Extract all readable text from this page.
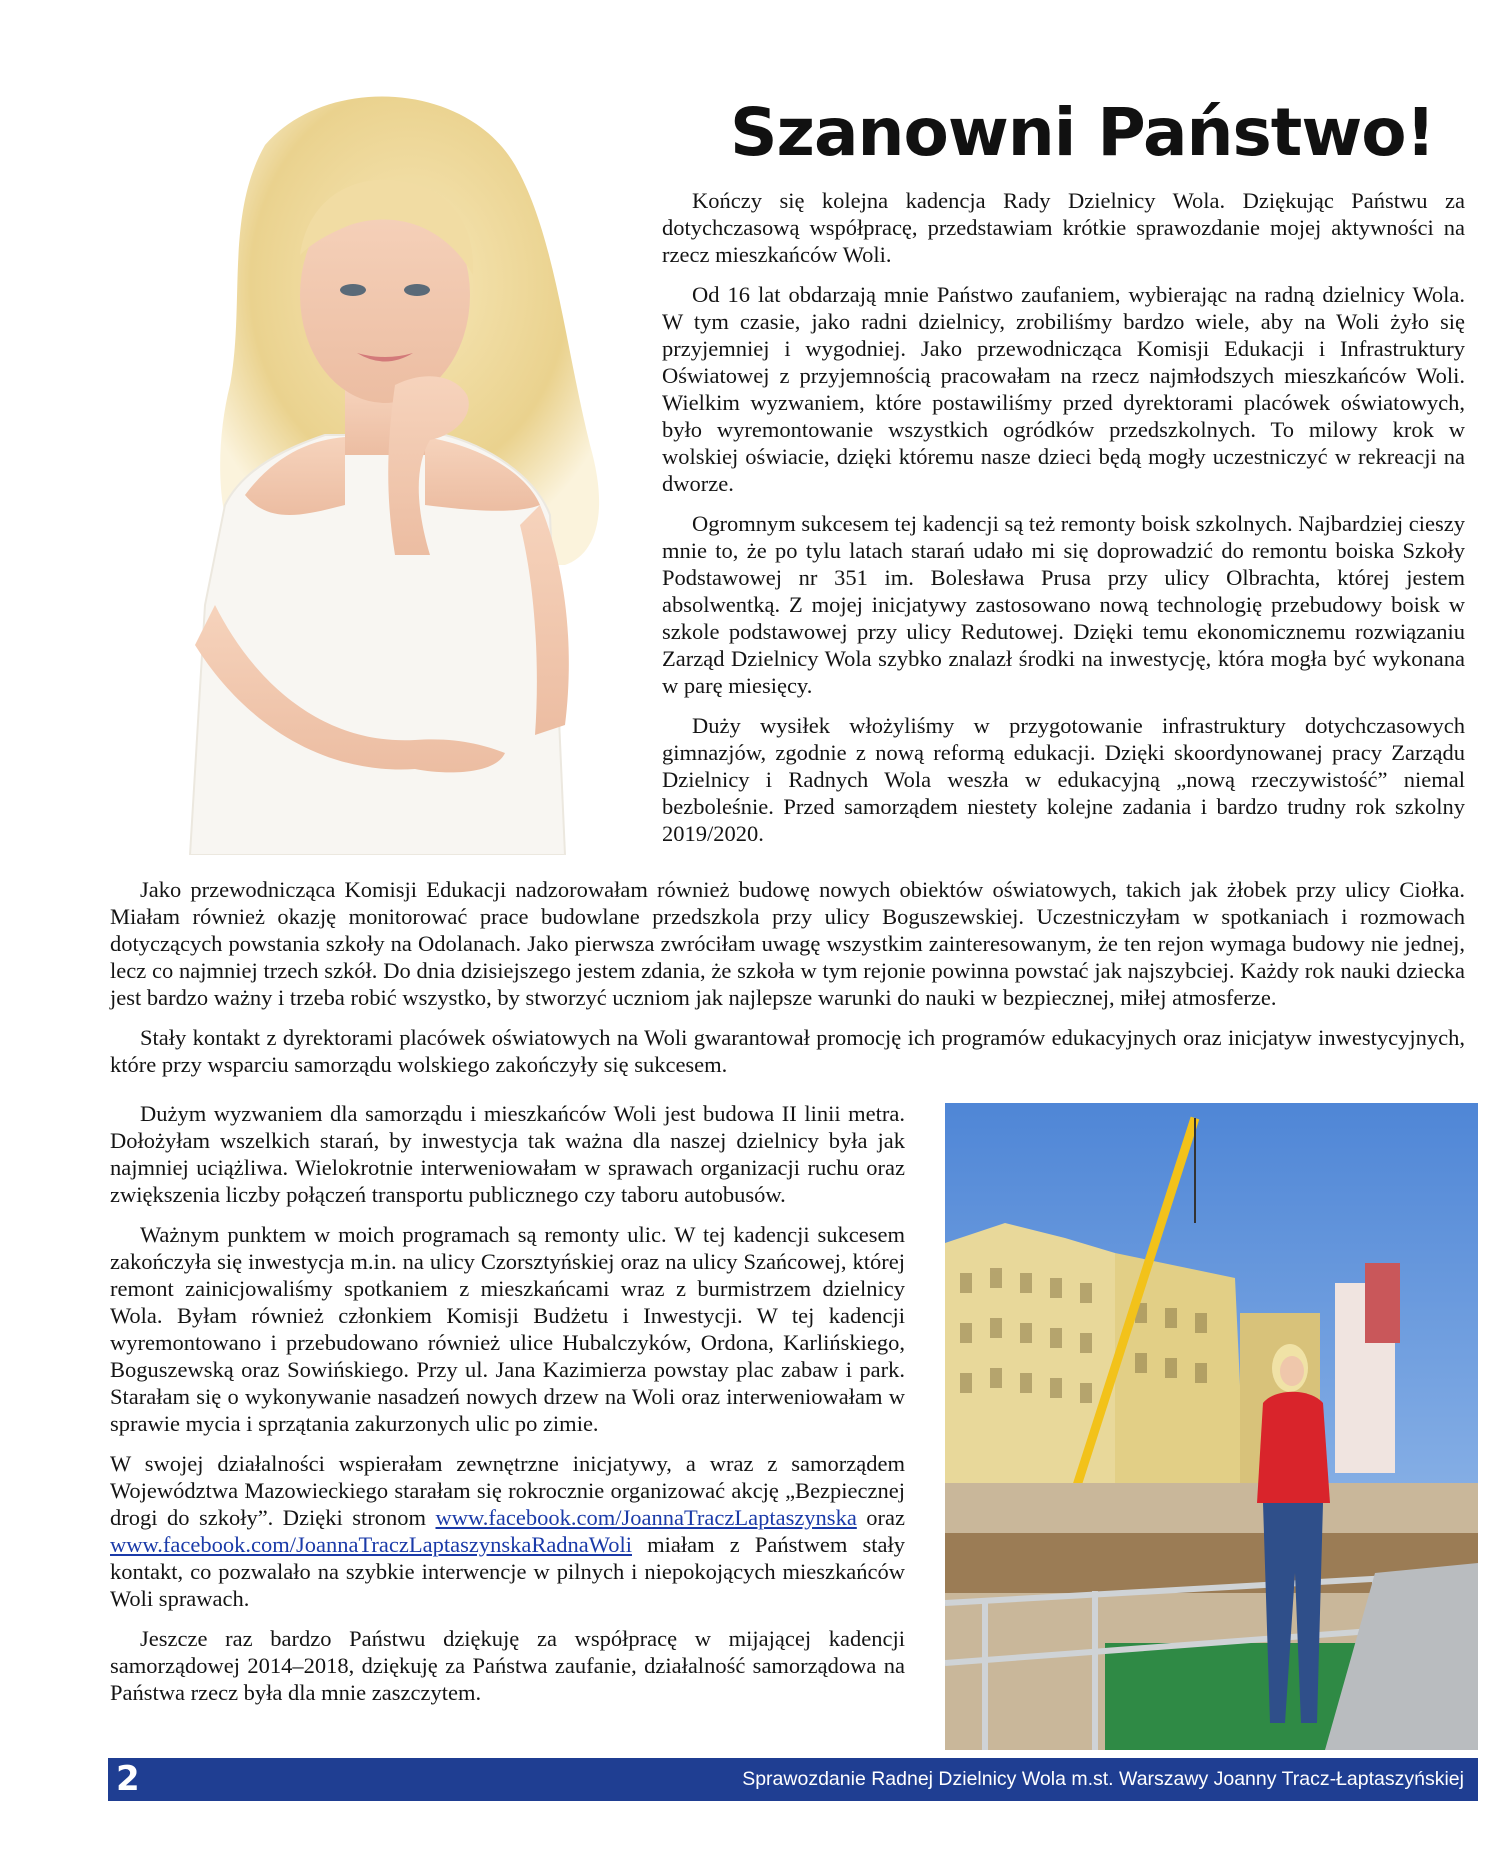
Szanowni Państwo!

Kończy się kolejna kadencja Rady Dzielnicy Wola. Dziękując Państwu za dotychczasową współpracę, przedstawiam krótkie sprawozdanie mojej aktywności na rzecz mieszkańców Woli.

Od 16 lat obdarzają mnie Państwo zaufaniem, wybierając na radną dzielnicy Wola. W tym czasie, jako radni dzielnicy, zrobiliśmy bardzo wiele, aby na Woli żyło się przyjemniej i wygodniej. Jako przewodnicząca Komisji Edukacji i Infrastruktury Oświatowej z przyjemnością pracowałam na rzecz najmłodszych mieszkańców Woli. Wielkim wyzwaniem, które postawiliśmy przed dyrektorami placówek oświatowych, było wyremontowanie wszystkich ogródków przedszkolnych. To milowy krok w wolskiej oświacie, dzięki któremu nasze dzieci będą mogły uczestniczyć w rekreacji na dworze.

Ogromnym sukcesem tej kadencji są też remonty boisk szkolnych. Najbardziej cieszy mnie to, że po tylu latach starań udało mi się doprowadzić do remontu boiska Szkoły Podstawowej nr 351 im. Bolesława Prusa przy ulicy Olbrachta, której jestem absolwentką. Z mojej inicjatywy zastosowano nową technologię przebudowy boisk w szkole podstawowej przy ulicy Redutowej. Dzięki temu ekonomicznemu rozwiązaniu Zarząd Dzielnicy Wola szybko znalazł środki na inwestycję, która mogła być wykonana w parę miesięcy.

Duży wysiłek włożyliśmy w przygotowanie infrastruktury dotychczasowych gimnazjów, zgodnie z nową reformą edukacji. Dzięki skoordynowanej pracy Zarządu Dzielnicy i Radnych Wola weszła w edukacyjną „nową rzeczywistość” niemal bezboleśnie. Przed samorządem niestety kolejne zadania i bardzo trudny rok szkolny 2019/2020.

Jako przewodnicząca Komisji Edukacji nadzorowałam również budowę nowych obiektów oświatowych, takich jak żłobek przy ulicy Ciołka. Miałam również okazję monitorować prace budowlane przedszkola przy ulicy Boguszewskiej. Uczestniczyłam w spotkaniach i rozmowach dotyczących powstania szkoły na Odolanach. Jako pierwsza zwróciłam uwagę wszystkim zainteresowanym, że ten rejon wymaga budowy nie jednej, lecz co najmniej trzech szkół. Do dnia dzisiejszego jestem zdania, że szkoła w tym rejonie powinna powstać jak najszybciej. Każdy rok nauki dziecka jest bardzo ważny i trzeba robić wszystko, by stworzyć uczniom jak najlepsze warunki do nauki w bezpiecznej, miłej atmosferze.

Stały kontakt z dyrektorami placówek oświatowych na Woli gwarantował promocję ich programów edukacyjnych oraz inicjatyw inwestycyjnych, które przy wsparciu samorządu wolskiego zakończyły się sukcesem.

Dużym wyzwaniem dla samorządu i mieszkańców Woli jest budowa II linii metra. Dołożyłam wszelkich starań, by inwestycja tak ważna dla naszej dzielnicy była jak najmniej uciążliwa. Wielokrotnie interweniowałam w sprawach organizacji ruchu oraz zwiększenia liczby połączeń transportu publicznego czy taboru autobusów.

Ważnym punktem w moich programach są remonty ulic. W tej kadencji sukcesem zakończyła się inwestycja m.in. na ulicy Czorsztyńskiej oraz na ulicy Szańcowej, której remont zainicjowaliśmy spotkaniem z mieszkańcami wraz z burmistrzem dzielnicy Wola. Byłam również członkiem Komisji Budżetu i Inwestycji. W tej kadencji wyremontowano i przebudowano również ulice Hubalczyków, Ordona, Karlińskiego, Boguszewską oraz Sowińskiego. Przy ul. Jana Kazimierza powstay plac zabaw i park. Starałam się o wykonywanie nasadzeń nowych drzew na Woli oraz interweniowałam w sprawie mycia i sprzątania zakurzonych ulic po zimie.

W swojej działalności wspierałam zewnętrzne inicjatywy, a wraz z samorządem Województwa Mazowieckiego starałam się rokrocznie organizować akcję „Bezpiecznej drogi do szkoły”. Dzięki stronom www.facebook.com/JoannaTraczLaptaszynska oraz www.facebook.com/JoannaTraczLaptaszynskaRadnaWoli miałam z Państwem stały kontakt, co pozwalało na szybkie interwencje w pilnych i niepokojących mieszkańców Woli sprawach.

Jeszcze raz bardzo Państwu dziękuję za współpracę w mijającej kadencji samorządowej 2014–2018, dziękuję za Państwa zaufanie, działalność samorządowa na Państwa rzecz była dla mnie zaszczytem.

2	Sprawozdanie Radnej Dzielnicy Wola m.st. Warszawy Joanny Tracz-Łaptaszyńskiej
